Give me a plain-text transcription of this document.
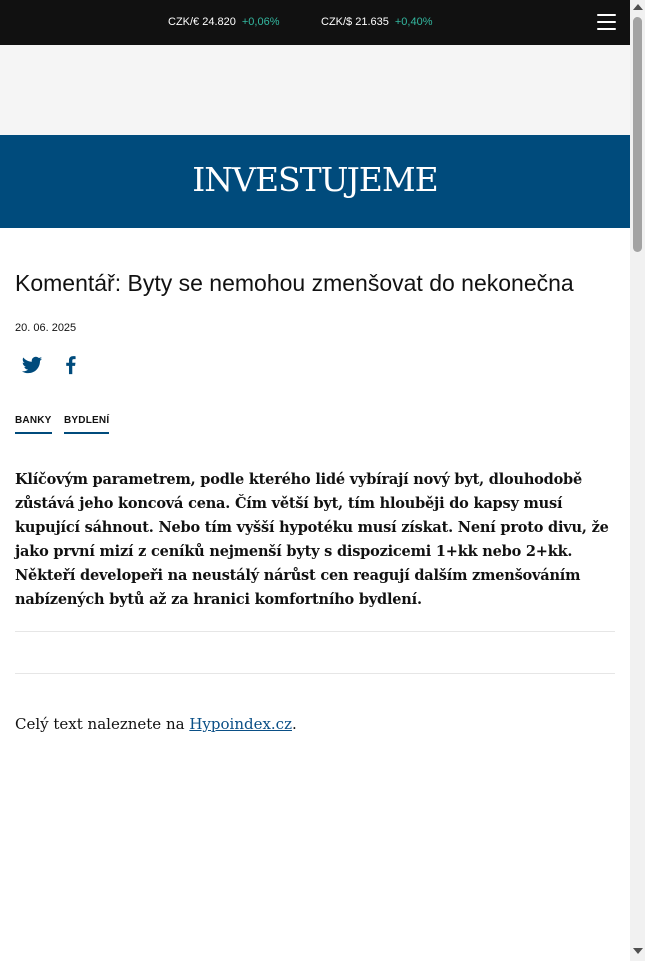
CZK/€ 24.820 +0,06%	CZK/$ 21.635 +0,40%
INVESTUJEME
Komentář: Byty se nemohou zmenšovat do nekonečna
20. 06. 2025
BANKY BYDLENÍ

Klíčovým parametrem, podle kterého lidé vybírají nový byt, dlouhodobě zůstává jeho koncová cena. Čím větší byt, tím hlouběji do kapsy musí kupující sáhnout. Nebo tím vyšší hypotéku musí získat. Není proto divu, že jako první mizí z ceníků nejmenší byty s dispozicemi 1+kk nebo 2+kk. Někteří developeři na neustálý nárůst cen reagují dalším zmenšováním nabízených bytů až za hranici komfortního bydlení.

Celý text naleznete na Hypoindex.cz.
